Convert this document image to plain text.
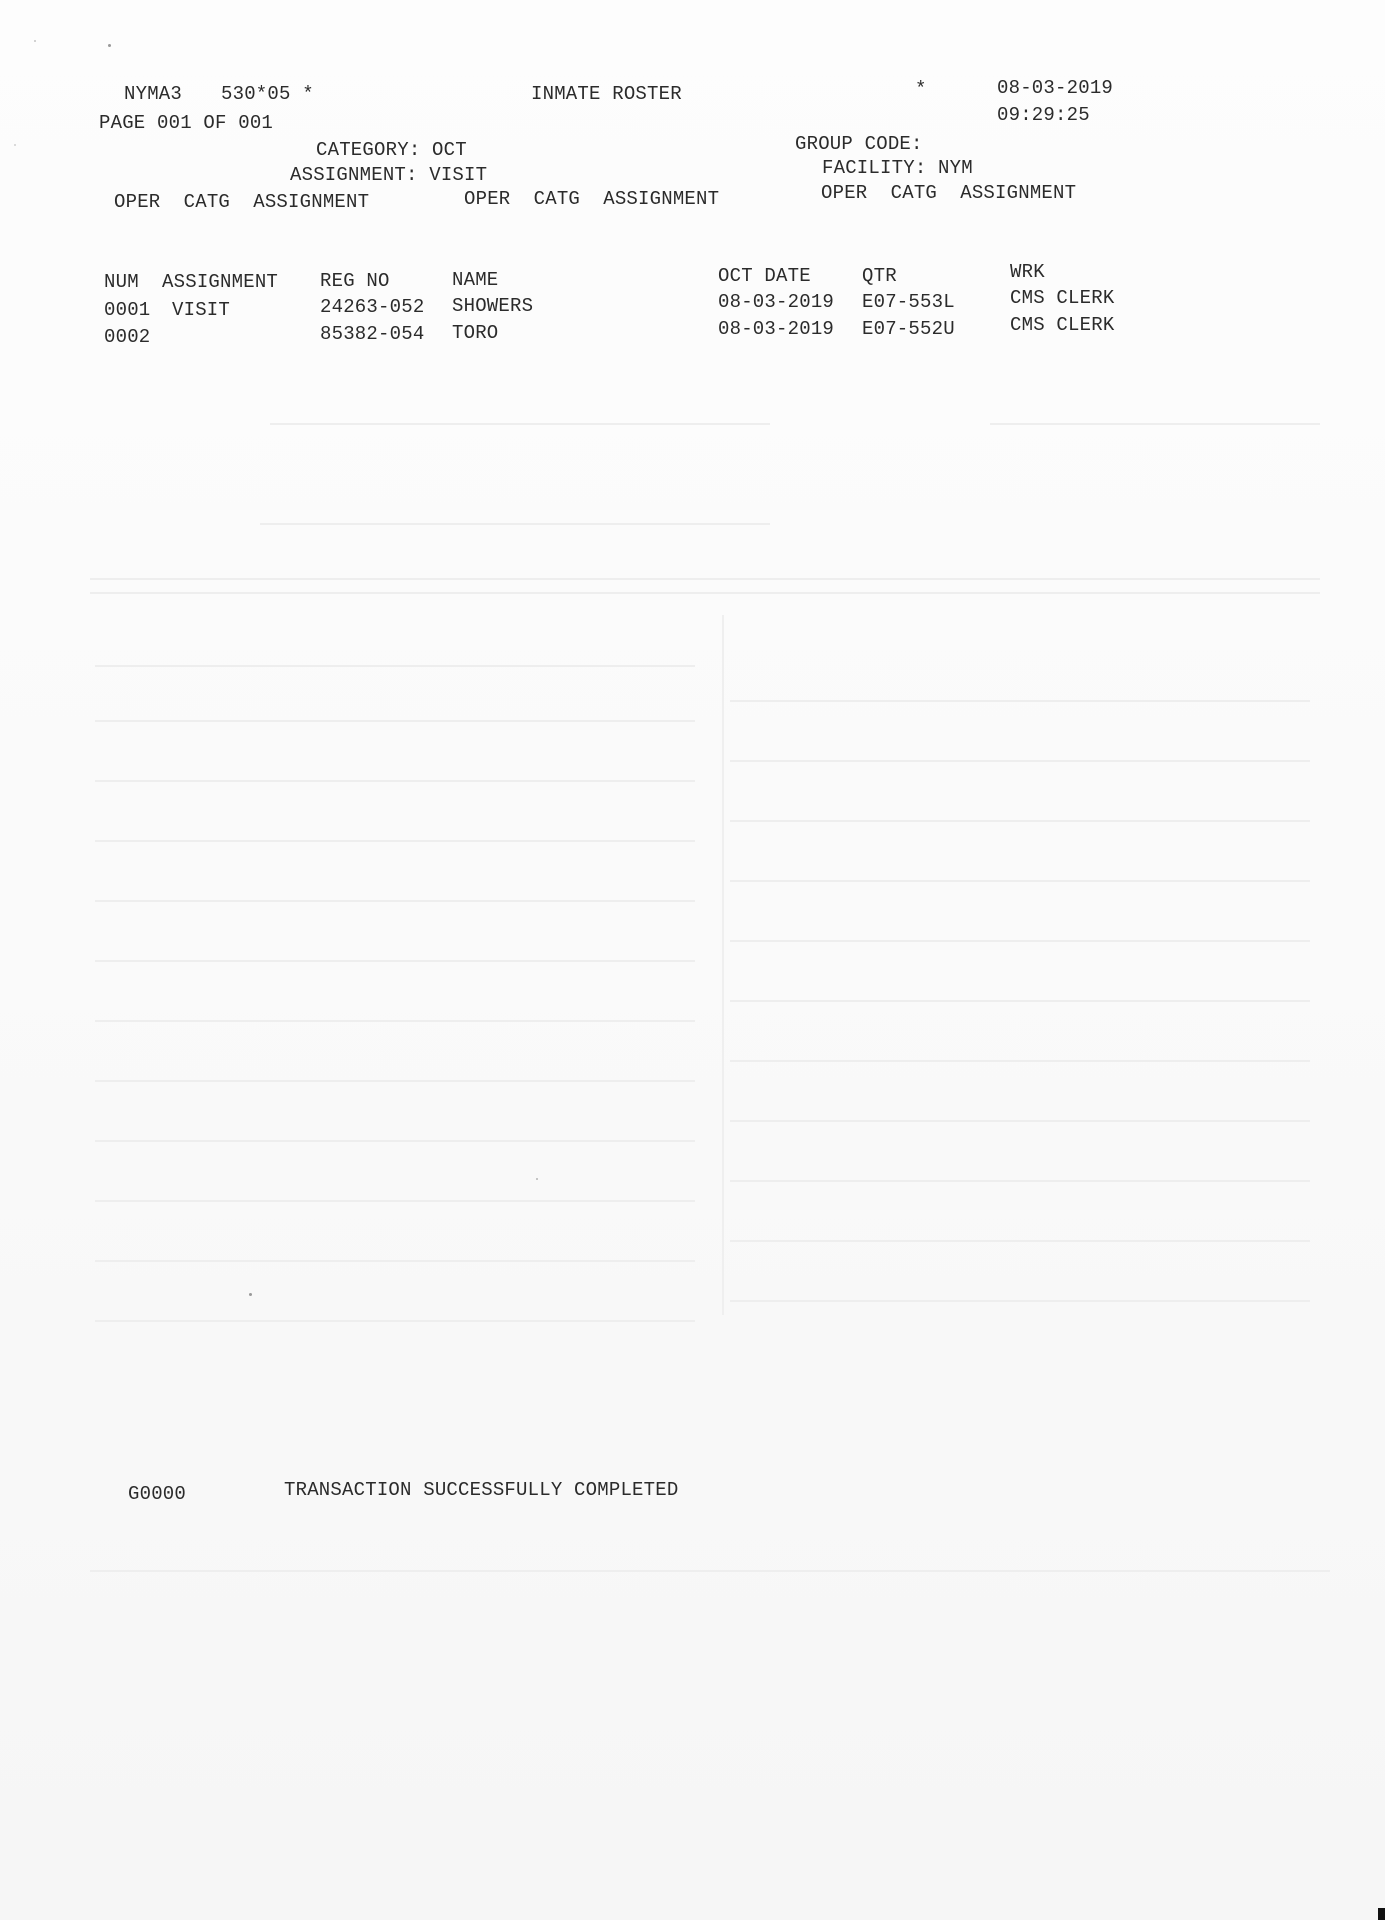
NYMA3 530*05 *	INMATE ROSTER	*	08-03-2019
PAGE 001 OF 001	09:29:25
CATEGORY: OCT	GROUP CODE:
ASSIGNMENT: VISIT	FACILITY: NYM
OPER  CATG  ASSIGNMENT	OPER  CATG  ASSIGNMENT	OPER  CATG  ASSIGNMENT
NUM  ASSIGNMENT REG NO	NAME	OCT DATE	QTR	WRK
0001 VISIT	24263-052 SHOWERS	08-03-2019 E07-553L	CMS CLERK
0002	85382-054 TORO	08-03-2019 E07-552U	CMS CLERK
G0000	TRANSACTION SUCCESSFULLY COMPLETED
